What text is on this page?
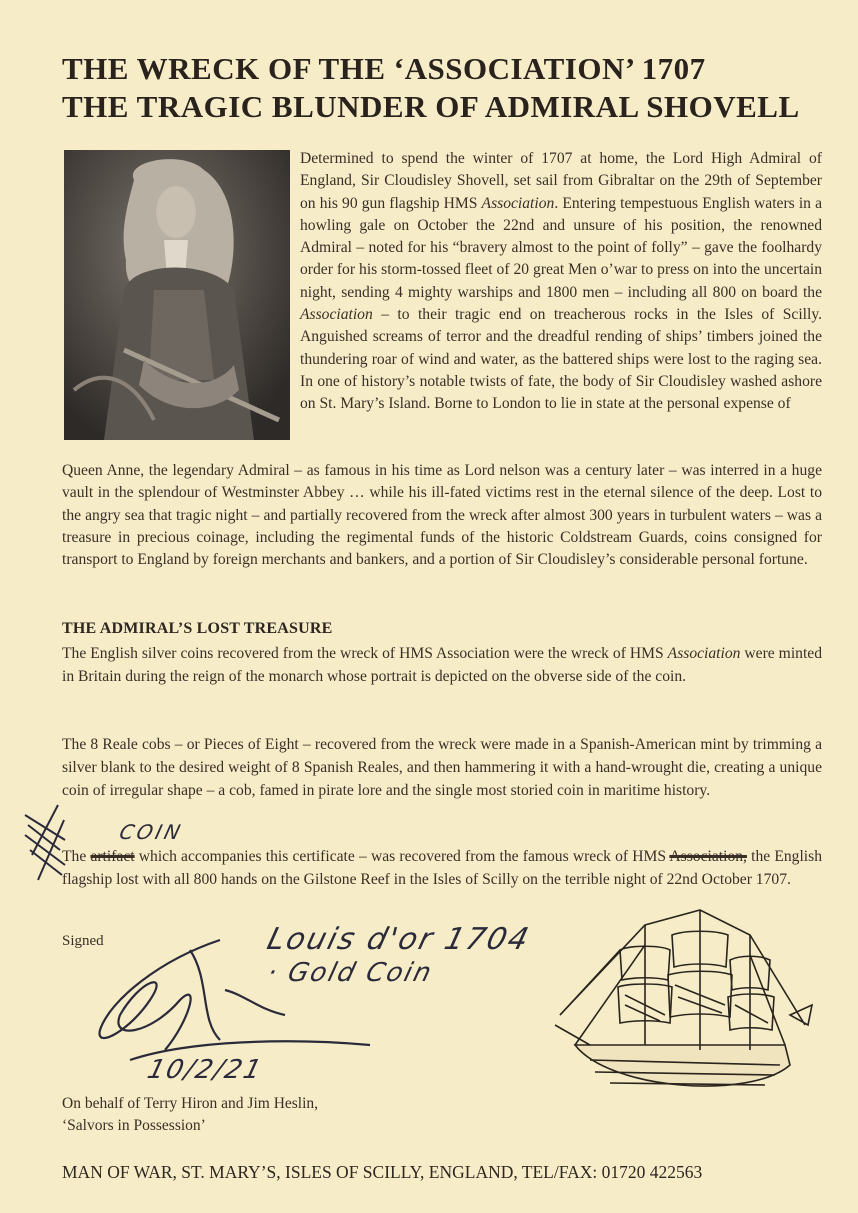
THE WRECK OF THE ‘ASSOCIATION’ 1707
THE TRAGIC BLUNDER OF ADMIRAL SHOVELL
Determined to spend the winter of 1707 at home, the Lord High Admiral of England, Sir Cloudisley Shovell, set sail from Gibraltar on the 29th of September on his 90 gun flagship HMS Association. Entering tempestuous English waters in a howling gale on October the 22nd and unsure of his position, the renowned Admiral – noted for his “bravery almost to the point of folly” – gave the foolhardy order for his storm-tossed fleet of 20 great Men o’war to press on into the uncertain night, sending 4 mighty warships and 1800 men – including all 800 on board the Association – to their tragic end on treacherous rocks in the Isles of Scilly. Anguished screams of terror and the dreadful rending of ships’ timbers joined the thundering roar of wind and water, as the battered ships were lost to the raging sea. In one of history’s notable twists of fate, the body of Sir Cloudisley washed ashore on St. Mary’s Island. Borne to London to lie in state at the personal expense of
Queen Anne, the legendary Admiral – as famous in his time as Lord nelson was a century later – was interred in a huge vault in the splendour of Westminster Abbey … while his ill-fated victims rest in the eternal silence of the deep. Lost to the angry sea that tragic night – and partially recovered from the wreck after almost 300 years in turbulent waters – was a treasure in precious coinage, including the regimental funds of the historic Coldstream Guards, coins consigned for transport to England by foreign merchants and bankers, and a portion of Sir Cloudisley’s considerable personal fortune.
THE ADMIRAL’S LOST TREASURE
The English silver coins recovered from the wreck of HMS Association were the wreck of HMS Association were minted in Britain during the reign of the monarch whose portrait is depicted on the obverse side of the coin.
The 8 Reale cobs – or Pieces of Eight – recovered from the wreck were made in a Spanish-American mint by trimming a silver blank to the desired weight of 8 Spanish Reales, and then hammering it with a hand-wrought die, creating a unique coin of irregular shape – a cob, famed in pirate lore and the single most storied coin in maritime history.
The artifact which accompanies this certificate – was recovered from the famous wreck of HMS Association, the English flagship lost with all 800 hands on the Gilstone Reef in the Isles of Scilly on the terrible night of 22nd October 1707.
COIN
Signed	Louis d'or 1704
· Gold Coin
10/2/21
On behalf of Terry Hiron and Jim Heslin,
‘Salvors in Possession’
MAN OF WAR, ST. MARY’S, ISLES OF SCILLY, ENGLAND, TEL/FAX: 01720 422563
